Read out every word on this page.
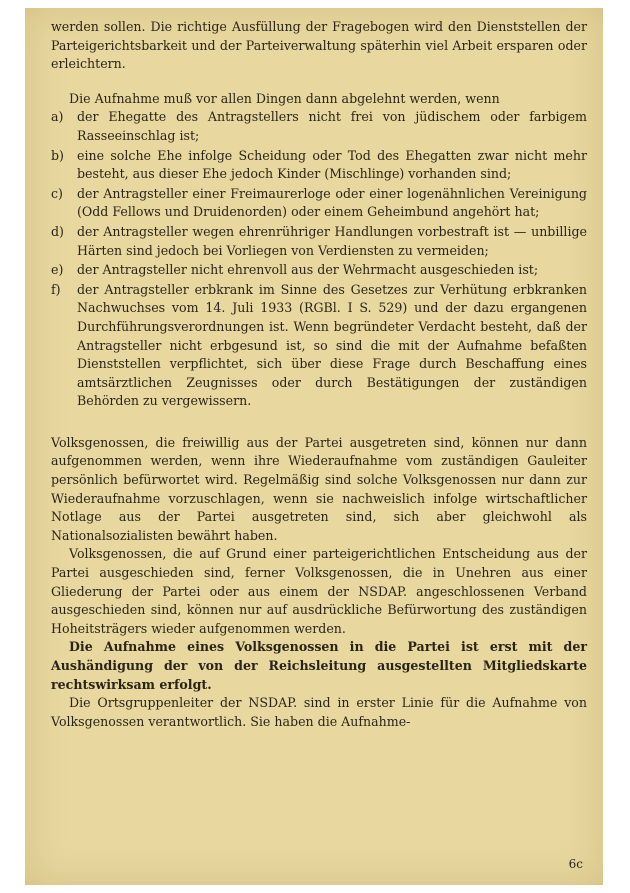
werden sollen. Die richtige Ausfüllung der Fragebogen wird den Dienststellen der Parteigerichtsbarkeit und der Parteiverwaltung späterhin viel Arbeit ersparen oder erleichtern.

Die Aufnahme muß vor allen Dingen dann abgelehnt werden, wenn

a)	der Ehegatte des Antragstellers nicht frei von jüdischem oder farbigem Rasseeinschlag ist;
b)	eine solche Ehe infolge Scheidung oder Tod des Ehegatten zwar nicht mehr besteht, aus dieser Ehe jedoch Kinder (Mischlinge) vorhanden sind;
c)	der Antragsteller einer Freimaurerloge oder einer logenähnlichen Vereinigung (Odd Fellows und Druidenorden) oder einem Geheimbund angehört hat;
d)	der Antragsteller wegen ehrenrühriger Handlungen vorbestraft ist — unbillige Härten sind jedoch bei Vorliegen von Verdiensten zu vermeiden;
e)	der Antragsteller nicht ehrenvoll aus der Wehrmacht ausgeschieden ist;
f)	der Antragsteller erbkrank im Sinne des Gesetzes zur Verhütung erbkranken Nachwuchses vom 14. Juli 1933 (RGBl. I S. 529) und der dazu ergangenen Durchführungsverordnungen ist. Wenn begründeter Verdacht besteht, daß der Antragsteller nicht erbgesund ist, so sind die mit der Aufnahme befaßten Dienststellen verpflichtet, sich über diese Frage durch Beschaffung eines amtsärztlichen Zeugnisses oder durch Bestätigungen der zuständigen Behörden zu vergewissern.

Volksgenossen, die freiwillig aus der Partei ausgetreten sind, können nur dann aufgenommen werden, wenn ihre Wiederaufnahme vom zuständigen Gauleiter persönlich befürwortet wird. Regelmäßig sind solche Volksgenossen nur dann zur Wiederaufnahme vorzuschlagen, wenn sie nachweislich infolge wirtschaftlicher Notlage aus der Partei ausgetreten sind, sich aber gleichwohl als Nationalsozialisten bewährt haben.

Volksgenossen, die auf Grund einer parteigerichtlichen Entscheidung aus der Partei ausgeschieden sind, ferner Volksgenossen, die in Unehren aus einer Gliederung der Partei oder aus einem der NSDAP. angeschlossenen Verband ausgeschieden sind, können nur auf ausdrückliche Befürwortung des zuständigen Hoheitsträgers wieder aufgenommen werden.

Die Aufnahme eines Volksgenossen in die Partei ist erst mit der Aushändigung der von der Reichsleitung ausgestellten Mitgliedskarte rechtswirksam erfolgt.

Die Ortsgruppenleiter der NSDAP. sind in erster Linie für die Aufnahme von Volksgenossen verantwortlich. Sie haben die Aufnahme-

6c
